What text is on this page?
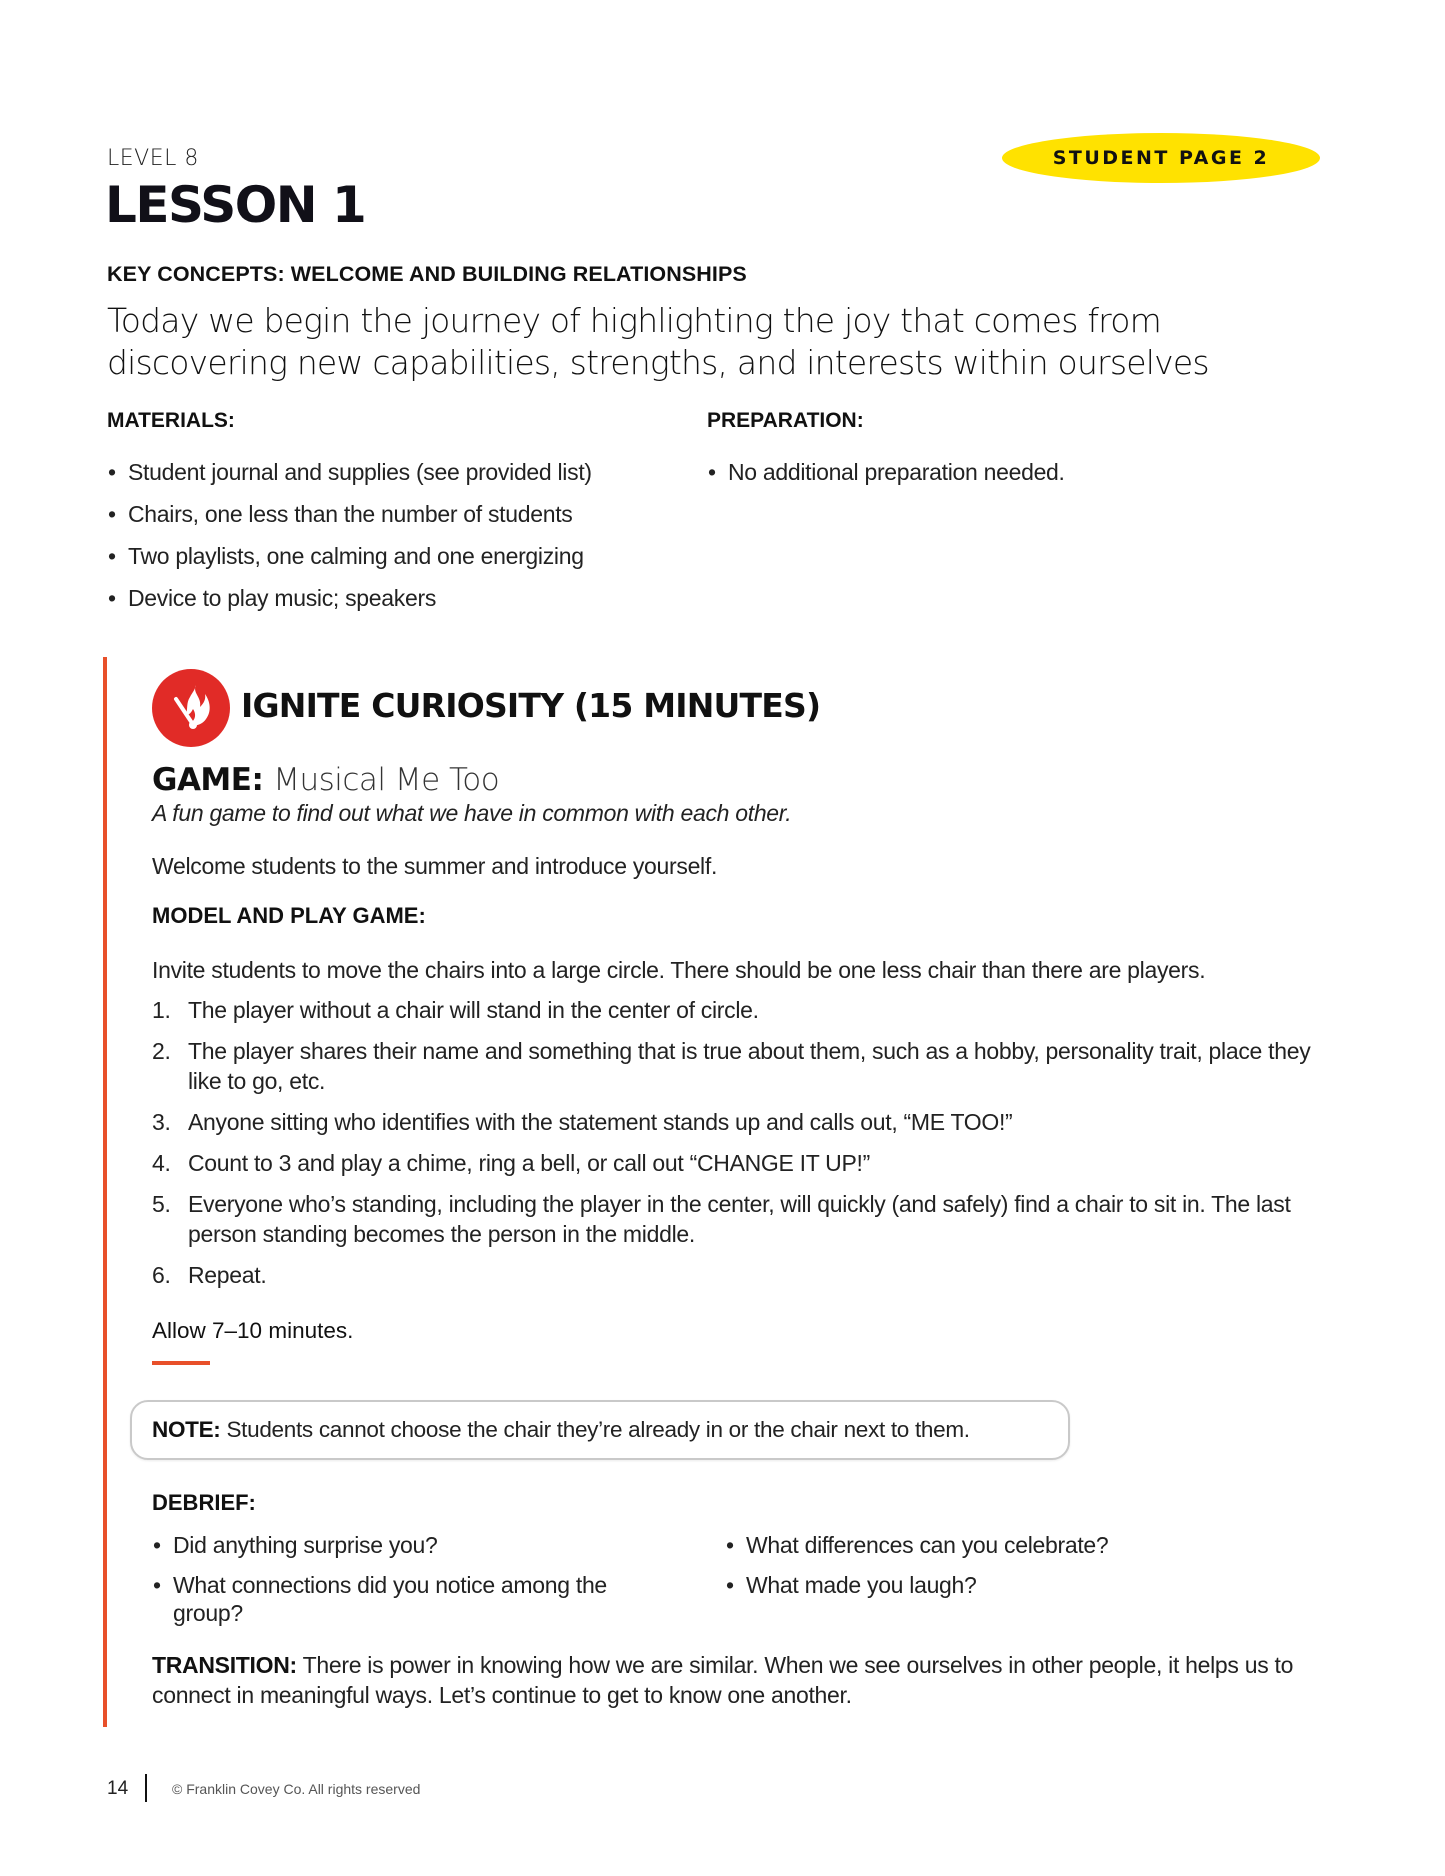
LEVEL 8
LESSON 1
STUDENT PAGE 2
KEY CONCEPTS: WELCOME AND BUILDING RELATIONSHIPS
Today we begin the journey of highlighting the joy that comes from discovering new capabilities, strengths, and interests within ourselves
MATERIALS:
• Student journal and supplies (see provided list)
• Chairs, one less than the number of students
• Two playlists, one calming and one energizing
• Device to play music; speakers
PREPARATION:
• No additional preparation needed.
IGNITE CURIOSITY (15 MINUTES)
GAME: Musical Me Too
A fun game to find out what we have in common with each other.
Welcome students to the summer and introduce yourself.
MODEL AND PLAY GAME:
Invite students to move the chairs into a large circle. There should be one less chair than there are players.
1. The player without a chair will stand in the center of circle.
2. The player shares their name and something that is true about them, such as a hobby, personality trait, place they like to go, etc.
3. Anyone sitting who identifies with the statement stands up and calls out, “ME TOO!”
4. Count to 3 and play a chime, ring a bell, or call out “CHANGE IT UP!”
5. Everyone who’s standing, including the player in the center, will quickly (and safely) find a chair to sit in. The last person standing becomes the person in the middle.
6. Repeat.
Allow 7–10 minutes.
NOTE: Students cannot choose the chair they’re already in or the chair next to them.
DEBRIEF:
• Did anything surprise you?
• What connections did you notice among the group?
• What differences can you celebrate?
• What made you laugh?
TRANSITION: There is power in knowing how we are similar. When we see ourselves in other people, it helps us to connect in meaningful ways. Let’s continue to get to know one another.
14	© Franklin Covey Co. All rights reserved
